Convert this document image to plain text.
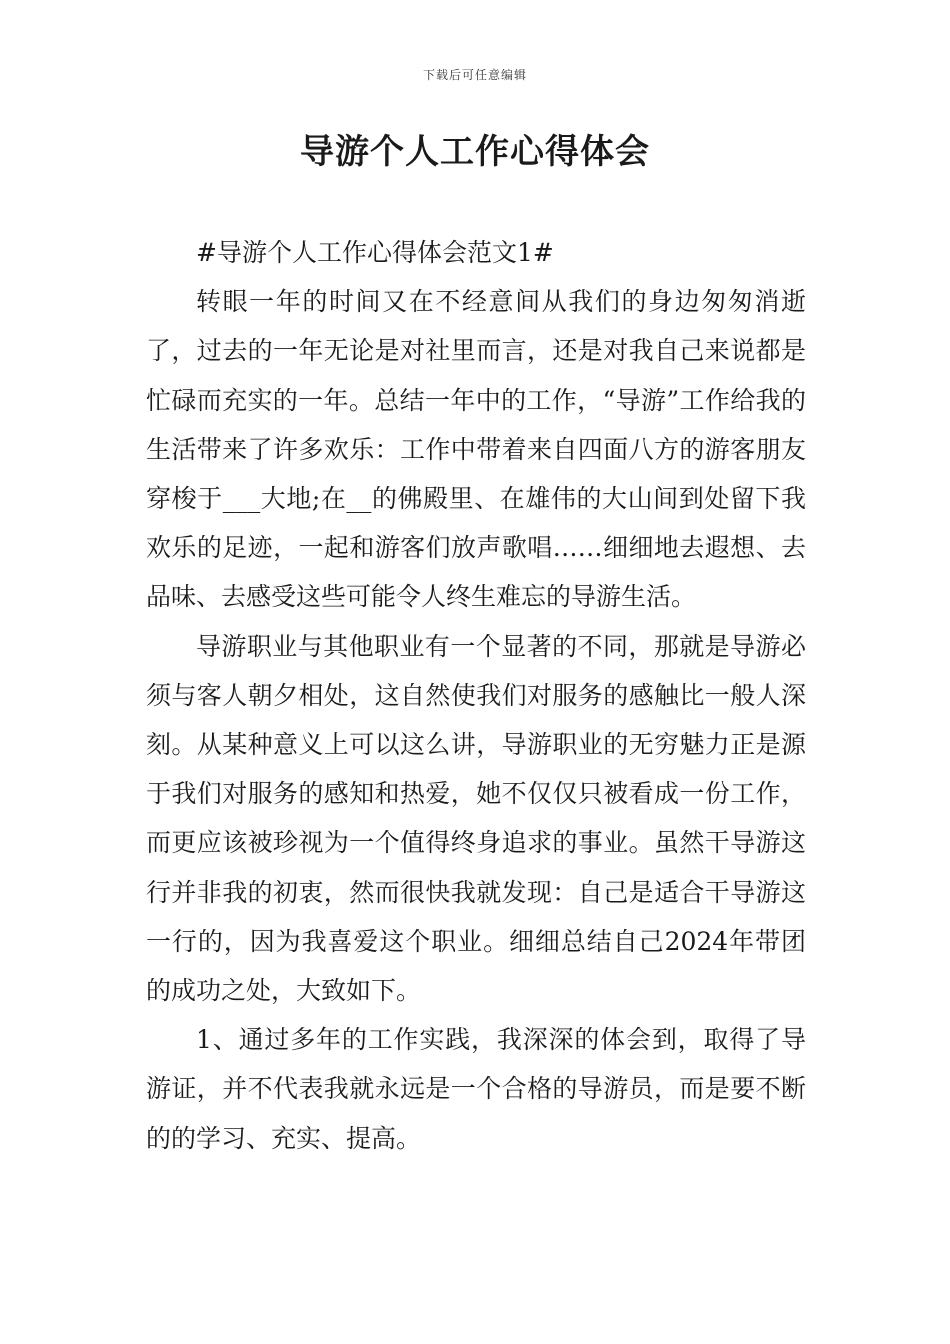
下载后可任意编辑
导游个人工作心得体会

#导游个人工作心得体会范文1#

转眼一年的时间又在不经意间从我们的身边匆匆消逝了，过去的一年无论是对社里而言，还是对我自己来说都是忙碌而充实的一年。总结一年中的工作，“导游”工作给我的生活带来了许多欢乐：工作中带着来自四面八方的游客朋友穿梭于___大地;在__的佛殿里、在雄伟的大山间到处留下我欢乐的足迹，一起和游客们放声歌唱……细细地去遐想、去品味、去感受这些可能令人终生难忘的导游生活。

导游职业与其他职业有一个显著的不同，那就是导游必须与客人朝夕相处，这自然使我们对服务的感触比一般人深刻。从某种意义上可以这么讲，导游职业的无穷魅力正是源于我们对服务的感知和热爱，她不仅仅只被看成一份工作，而更应该被珍视为一个值得终身追求的事业。虽然干导游这行并非我的初衷，然而很快我就发现：自己是适合干导游这一行的，因为我喜爱这个职业。细细总结自己2024年带团的成功之处，大致如下。

1、通过多年的工作实践，我深深的体会到，取得了导游证，并不代表我就永远是一个合格的导游员，而是要不断的的学习、充实、提高。
